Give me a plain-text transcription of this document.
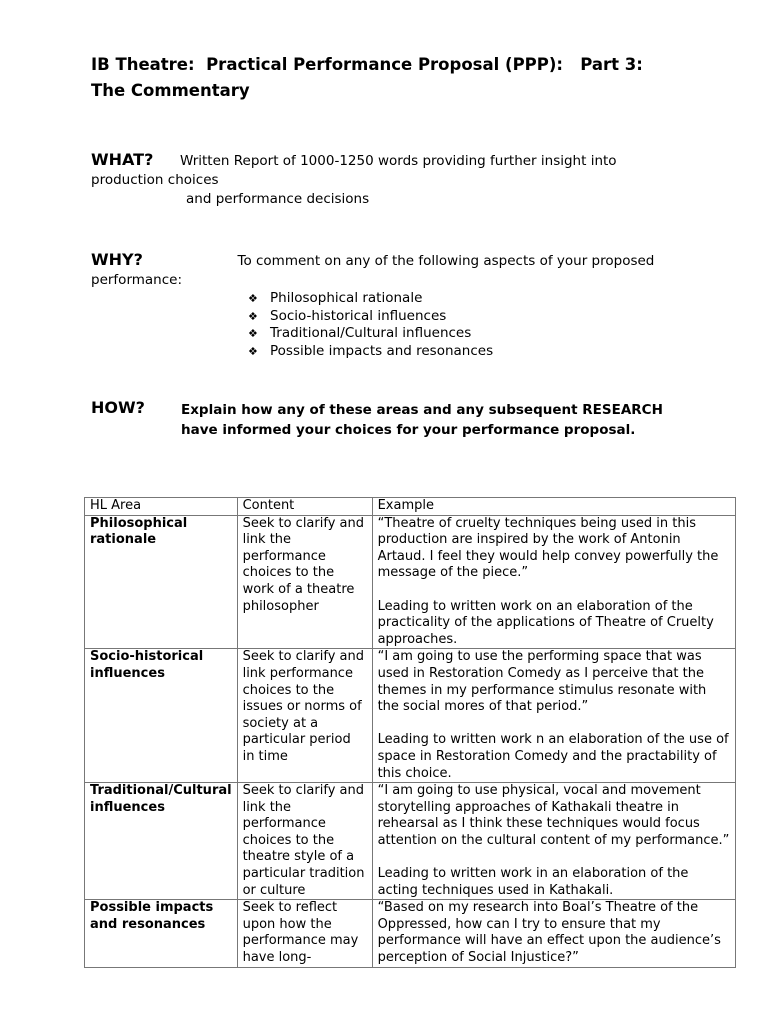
IB Theatre:  Practical Performance Proposal (PPP):   Part 3:
The Commentary
WHAT? Written Report of 1000-1250 words providing further insight into
production choices
and performance decisions
WHY?	To comment on any of the following aspects of your proposed
performance:
❖ Philosophical rationale
❖ Socio-historical influences
❖ Traditional/Cultural influences
❖ Possible impacts and resonances
HOW?	Explain how any of these areas and any subsequent RESEARCH
have informed your choices for your performance proposal.
HL Area	Content	Example
Philosophical rationale	Seek to clarify and link the performance choices to the work of a theatre philosopher	“Theatre of cruelty techniques being used in this production are inspired by the work of Antonin Artaud. I feel they would help convey powerfully the message of the piece.”
Leading to written work on an elaboration of the practicality of the applications of Theatre of Cruelty approaches.

Socio-historical influences	Seek to clarify and link performance choices to the issues or norms of society at a particular period in time	“I am going to use the performing space that was used in Restoration Comedy as I perceive that the themes in my performance stimulus resonate with the social mores of that period.”
Leading to written work n an elaboration of the use of space in Restoration Comedy and the practability of this choice.

Traditional/Cultural influences	Seek to clarify and link the performance choices to the theatre style of a particular tradition or culture	“I am going to use physical, vocal and movement storytelling approaches of Kathakali theatre in rehearsal as I think these techniques would focus attention on the cultural content of my performance.”
Leading to written work in an elaboration of the acting techniques used in Kathakali.

Possible impacts and resonances	Seek to reflect upon how the performance may have long-	“Based on my research into Boal’s Theatre of the Oppressed, how can I try to ensure that my performance will have an effect upon the audience’s perception of Social Injustice?”
